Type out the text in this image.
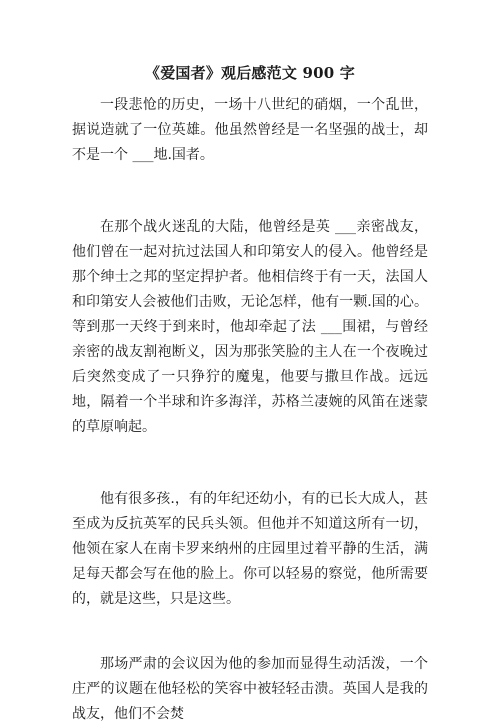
《爱国者》观后感范文 900 字

一段悲怆的历史，一场十八世纪的硝烟，一个乱世，据说造就了一位英雄。他虽然曾经是一名坚强的战士，却不是一个 ___地.国者。

在那个战火迷乱的大陆，他曾经是英 ___亲密战友，他们曾在一起对抗过法国人和印第安人的侵入。他曾经是那个绅士之邦的坚定捍护者。他相信终于有一天，法国人和印第安人会被他们击败，无论怎样，他有一颗.国的心。等到那一天终于到来时，他却牵起了法 ___围裙，与曾经亲密的战友割袍断义，因为那张笑脸的主人在一个夜晚过后突然变成了一只狰狞的魔鬼，他要与撒旦作战。远远地，隔着一个半球和许多海洋，苏格兰凄婉的风笛在迷蒙的草原响起。

他有很多孩.，有的年纪还幼小，有的已长大成人，甚至成为反抗英军的民兵头领。但他并不知道这所有一切，他领在家人在南卡罗来纳州的庄园里过着平静的生活，满足每天都会写在他的脸上。你可以轻易的察觉，他所需要的，就是这些，只是这些。

那场严肃的会议因为他的参加而显得生动活泼，一个庄严的议题在他轻松的笑容中被轻轻击溃。英国人是我的战友，他们不会焚
